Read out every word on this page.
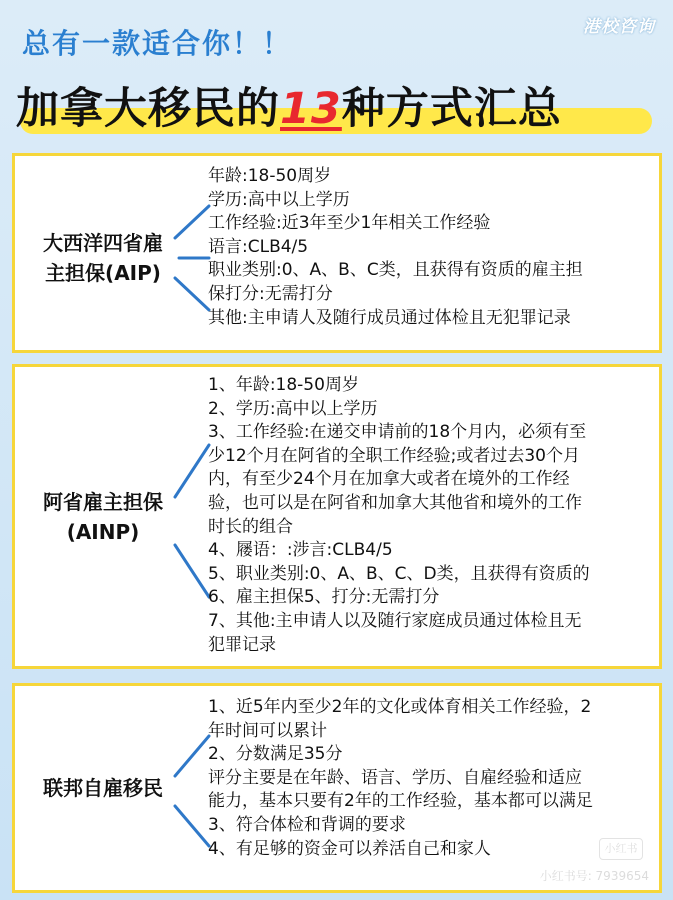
港校咨询
总有一款适合你！！
加拿大移民的13种方式汇总
大西洋四省雇
主担保(AIP)
年龄:18-50周岁
学历:高中以上学历
工作经验:近3年至少1年相关工作经验
语言:CLB4/5
职业类别:0、A、B、C类，且获得有资质的雇主担
保打分:无需打分
其他:主申请人及随行成员通过体检且无犯罪记录
阿省雇主担保
(AINP)
1、年龄:18-50周岁
2、学历:高中以上学历
3、工作经验:在递交申请前的18个月内，必须有至
少12个月在阿省的全职工作经验;或者过去30个月
内，有至少24个月在加拿大或者在境外的工作经
验，也可以是在阿省和加拿大其他省和境外的工作
时长的组合
4、屦语：:涉言:CLB4/5
5、职业类别:0、A、B、C、D类，且获得有资质的
6、雇主担保5、打分:无需打分
7、其他:主申请人以及随行家庭成员通过体检且无
犯罪记录
联邦自雇移民
1、近5年内至少2年的文化或体育相关工作经验，2
年时间可以累计
2、分数满足35分
评分主要是在年龄、语言、学历、自雇经验和适应
能力，基本只要有2年的工作经验，基本都可以满足
3、符合体检和背调的要求
4、有足够的资金可以养活自己和家人	小红书
小红书号: 7939654
